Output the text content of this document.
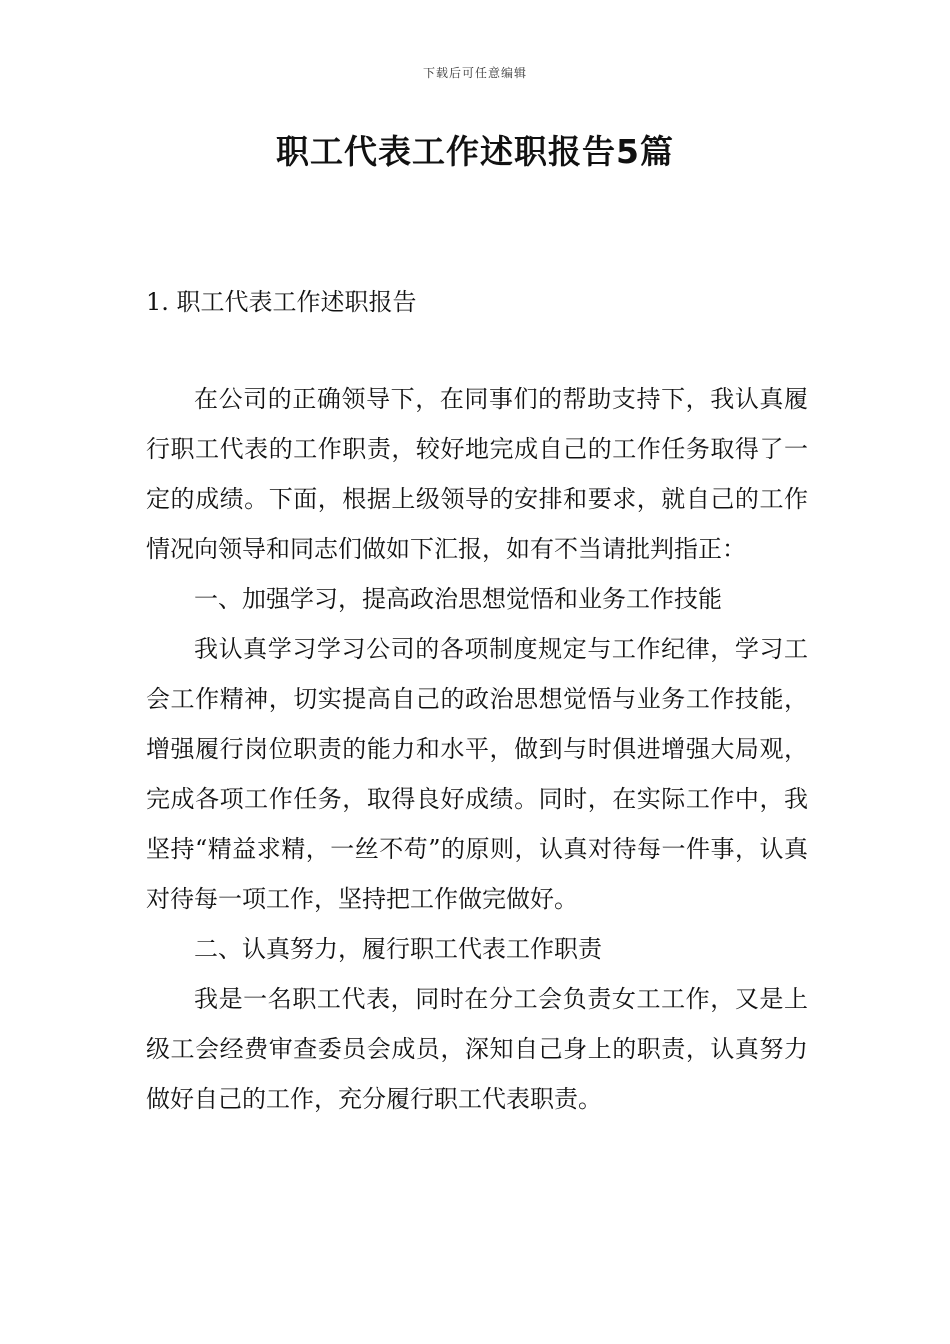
下载后可任意编辑
职工代表工作述职报告5篇
1. 职工代表工作述职报告

在公司的正确领导下，在同事们的帮助支持下，我认真履行职工代表的工作职责，较好地完成自己的工作任务取得了一定的成绩。下面，根据上级领导的安排和要求，就自己的工作情况向领导和同志们做如下汇报，如有不当请批判指正：

一、加强学习，提高政治思想觉悟和业务工作技能

我认真学习学习公司的各项制度规定与工作纪律，学习工会工作精神，切实提高自己的政治思想觉悟与业务工作技能，增强履行岗位职责的能力和水平，做到与时俱进增强大局观，完成各项工作任务，取得良好成绩。同时，在实际工作中，我坚持“精益求精，一丝不苟”的原则，认真对待每一件事，认真对待每一项工作，坚持把工作做完做好。

二、认真努力，履行职工代表工作职责

我是一名职工代表，同时在分工会负责女工工作，又是上级工会经费审查委员会成员，深知自己身上的职责，认真努力做好自己的工作，充分履行职工代表职责。
